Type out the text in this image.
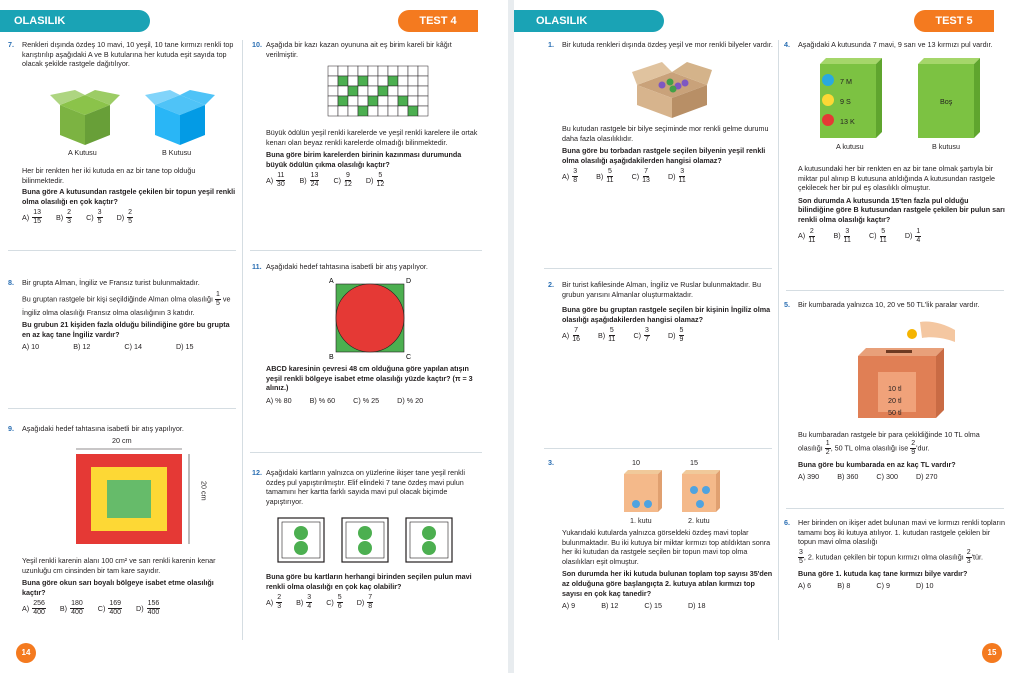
OLASILIK	TEST 4
7.	Renkleri dışında özdeş 10 mavi, 10 yeşil, 10 tane kırmızı renkli top karıştırılıp aşağıdaki A ve B kutularına her kutuda eşit sayıda top olacak şekilde rastgele dağıtılıyor.

A Kutusu	B Kutusu

Her bir renkten her iki kutuda en az bir tane top olduğu bilinmektedir.

Buna göre A kutusundan rastgele çekilen bir topun yeşil renkli olma olasılığı en çok kaçtır?

$A) \frac{13}{15} B) \frac{2}{3} C) \frac{3}{5} D) \frac{2}{5}$
8.	Bir grupta Alman, İngiliz ve Fransız turist bulunmaktadır.

Bu gruptan rastgele bir kişi seçildiğinde Alman olma olasılığı $\frac{1}{5}$ ve İngiliz olma olasılığı Fransız olma olasılığının 3 katıdır.

Bu grubun 21 kişiden fazla olduğu bilindiğine göre bu grupta en az kaç tane İngiliz vardır?

A) 10	B) 12	C) 14	D) 15
9.	Aşağıdaki hedef tahtasına isabetli bir atış yapılıyor.

20 cm
20 cm

Yeşil renkli karenin alanı 100 cm² ve sarı renkli karenin kenar uzunluğu cm cinsinden bir tam kare sayıdır.

Buna göre okun sarı boyalı bölgeye isabet etme olasılığı kaçtır?

$A) \frac{256}{400} B) \frac{180}{400} C) \frac{169}{400} D) \frac{156}{400}$
10. Aşağıda bir kazı kazan oyununa ait eş birim kareli bir kâğıt verilmiştir.

Büyük ödülün yeşil renkli karelerde ve yeşil renkli karelere ile ortak kenarı olan beyaz renkli karelerde olmadığı bilinmektedir.

Buna göre birim karelerden birinin kazınması durumunda büyük ödülün çıkma olasılığı kaçtır?

$A) \frac{11}{30} B) \frac{13}{24} C) \frac{9}{12} D) \frac{5}{12}$
11. Aşağıdaki hedef tahtasına isabetli bir atış yapılıyor.

A	D
B	C

ABCD karesinin çevresi 48 cm olduğuna göre yapılan atışın yeşil renkli bölgeye isabet etme olasılığı yüzde kaçtır? (π = 3 alınız.)

A) % 80	B) % 60	C) % 25	D) % 20
12. Aşağıdaki kartların yalnızca on yüzlerine ikişer tane yeşil renkli özdeş pul yapıştırılmıştır. Elif elindeki 7 tane özdeş mavi pulun tamamını her kartta farklı sayıda mavi pul olacak biçimde yapıştırıyor.

Buna göre bu kartların herhangi birinden seçilen pulun mavi renkli olma olasılığı en çok kaç olabilir?

$A) \frac{2}{3} B) \frac{3}{4} C) \frac{5}{6} D) \frac{7}{8}$
14
OLASILIK	TEST 5
1.	Bir kutuda renkleri dışında özdeş yeşil ve mor renkli bilyeler vardır.

Bu kutudan rastgele bir bilye seçiminde mor renkli gelme durumu daha fazla olasılıklıdır.

Buna göre bu torbadan rastgele seçilen bilyenin yeşil renkli olma olasılığı aşağıdakilerden hangisi olamaz?

$A) \frac{3}{8}$	$B) \frac{5}{11}$	$C) \frac{7}{13}$	$D) \frac{3}{11}$
2.	Bir turist kafilesinde Alman, İngiliz ve Ruslar bulunmaktadır. Bu grubun yarısını Almanlar oluşturmaktadır.

Buna göre bu gruptan rastgele seçilen bir kişinin İngiliz olma olasılığı aşağıdakilerden hangisi olamaz?

$A) \frac{7}{16}$	$B) \frac{5}{11}$	$C) \frac{3}{7}$	$D) \frac{5}{9}$
3.	10	15
1. kutu	2. kutu

Yukarıdaki kutularda yalnızca görseldeki özdeş mavi toplar bulunmaktadır. Bu iki kutuya bir miktar kırmızı top atıldıktan sonra her iki kutudan da rastgele seçilen bir topun mavi top olma olasılıkları eşit olmuştur.

Son durumda her iki kutuda bulunan toplam top sayısı 35'den az olduğuna göre başlangıçta 2. kutuya atılan kırmızı top sayısı en çok kaç tanedir?

A) 9	B) 12	C) 15	D) 18
4.	Aşağıdaki A kutusunda 7 mavi, 9 sarı ve 13 kırmızı pul vardır.

7 M
9 S
13 K
Boş
A kutusu	B kutusu

A kutusundaki her bir renkten en az bir tane olmak şartıyla bir miktar pul alınıp B kutusuna atıldığında A kutusundan rastgele çekilecek her bir pul eş olasılıklı olmuştur.

Son durumda A kutusunda 15'ten fazla pul olduğu bilindiğine göre B kutusundan rastgele çekilen bir pulun sarı renkli olma olasılığı kaçtır?

$A) \frac{2}{11}$	$B) \frac{3}{11}$	$C) \frac{5}{11}$	$D) \frac{1}{4}$
5.	Bir kumbarada yalnızca 10, 20 ve 50 TL'lik paralar vardır.

10 tl
20 tl
50 tl

Bu kumbaradan rastgele bir para çekildiğinde 10 TL olma olasılığı $\frac{1}{2}$ , 50 TL olma olasılığı ise $\frac{2}{9}$ 'dur.

Buna göre bu kumbarada en az kaç TL vardır?

A) 390	B) 360	C) 300	D) 270
6.	Her birinden on ikişer adet bulunan mavi ve kırmızı renkli topların tamamı boş iki kutuya atılıyor. 1. kutudan rastgele çekilen bir topun mavi olma olasılığı

$\frac{3}{5}$ , 2. kutudan çekilen bir topun kırmızı olma olasılığı $\frac{2}{3}$ 'tür.

Buna göre 1. kutuda kaç tane kırmızı bilye vardır?

A) 6	B) 8	C) 9	D) 10
15
